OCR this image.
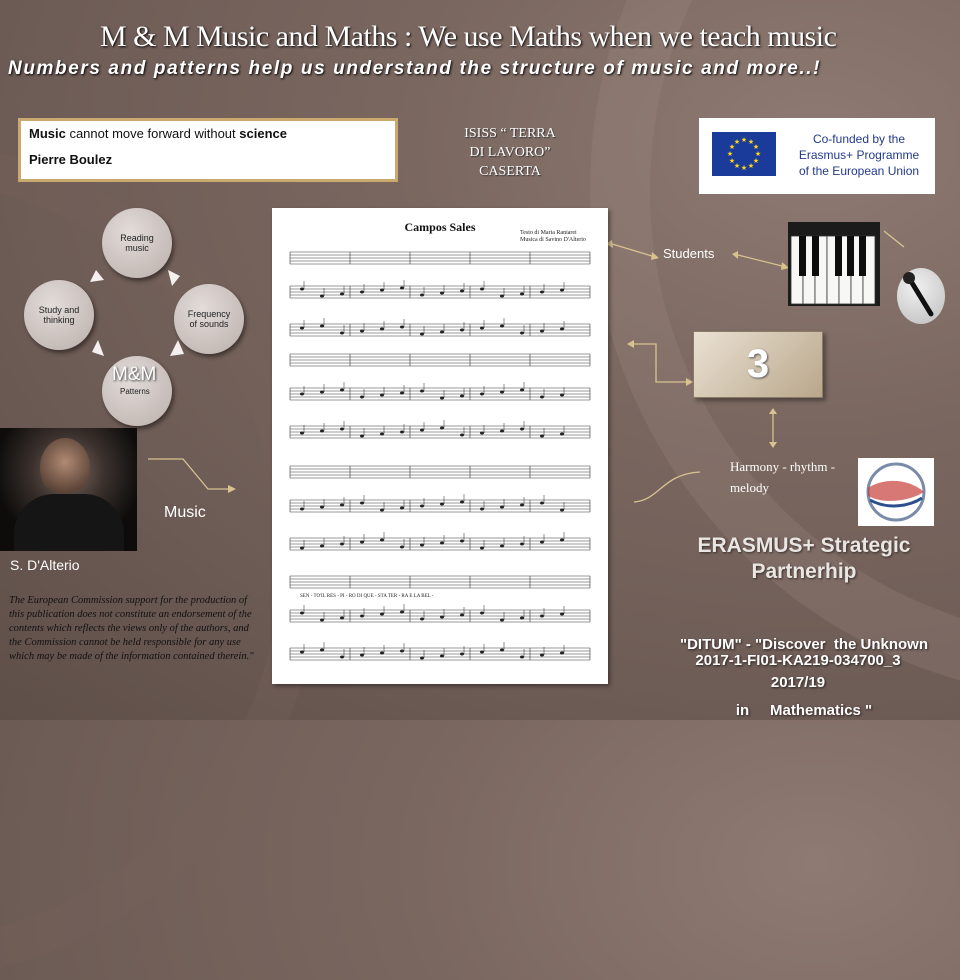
M & M Music and Maths : We use Maths when we teach music
Numbers and patterns help us understand the structure of music and more..!
Music cannot move forward without science
Pierre Boulez
ISISS “ TERRA
DI LAVORO”
CASERTA
★ ★
★
★
★
★
★
★
★
★
★
★	Co-funded by the
Erasmus+ Programme
of the European Union
Reading music
Frequency of sounds
M&M
Patterns
Study and thinking
S. D'Alterio
Music
The European Commission support for the production of this publication does not constitute an endorsement of the contents which reflects the views only of the authors, and the Commission cannot be held responsible for any use which may be made of the information contained therein."
Campos Sales	Testo di Maria Raniarei
Musica di Savino D'Alterio
SEN - TO'IL RES - PI - RO DI QUE - STA TER - RA E LA BEL -
Students
3
Harmony - rhythm - melody
ERASMUS+ Strategic
Partnerhip

"DITUM" - "Discover  the Unknown

in     Mathematics "

2017-1-FI01-KA219-034700_3
2017/19
